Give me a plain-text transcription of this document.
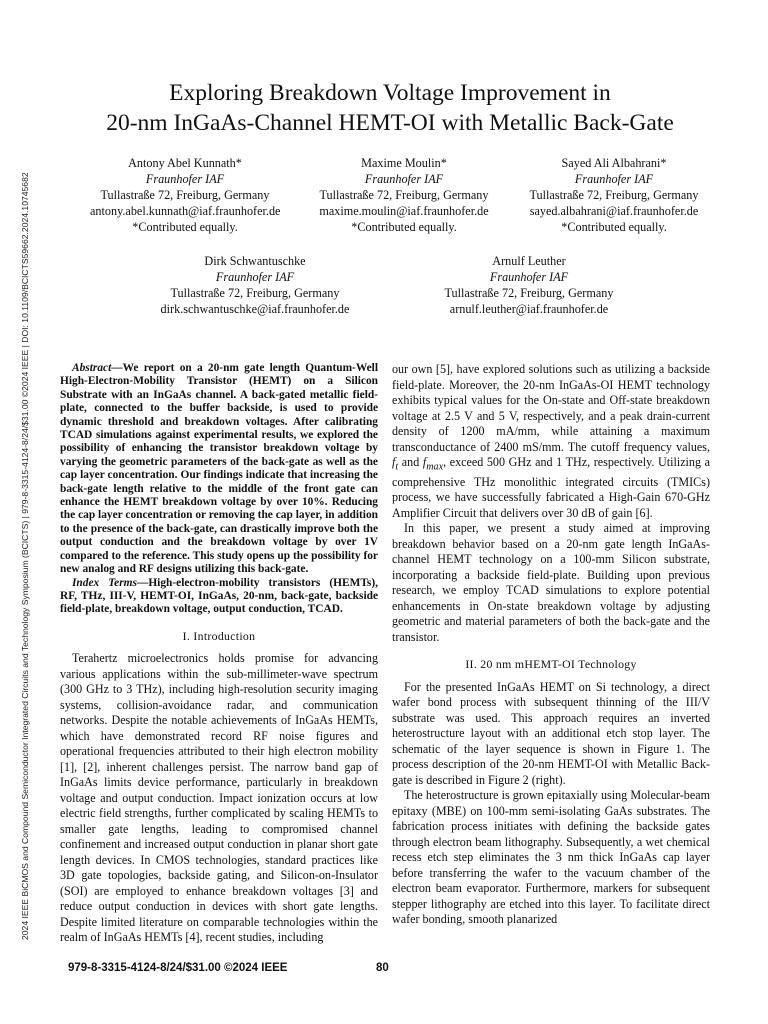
2024 IEEE BiCMOS and Compound Semiconductor Integrated Circuits and Technology Symposium (BCICTS) | 979-8-3315-4124-8/24/$31.00 ©2024 IEEE | DOI: 10.1109/BCICTS59662.2024.10745682
Exploring Breakdown Voltage Improvement in
20-nm InGaAs-Channel HEMT-OI with Metallic Back-Gate
Antony Abel Kunnath*
Fraunhofer IAF
Tullastraße 72, Freiburg, Germany
antony.abel.kunnath@iaf.fraunhofer.de
*Contributed equally.
Maxime Moulin*
Fraunhofer IAF
Tullastraße 72, Freiburg, Germany
maxime.moulin@iaf.fraunhofer.de
*Contributed equally.
Sayed Ali Albahrani*
Fraunhofer IAF
Tullastraße 72, Freiburg, Germany
sayed.albahrani@iaf.fraunhofer.de
*Contributed equally.
Dirk Schwantuschke
Fraunhofer IAF
Tullastraße 72, Freiburg, Germany
dirk.schwantuschke@iaf.fraunhofer.de
Arnulf Leuther
Fraunhofer IAF
Tullastraße 72, Freiburg, Germany
arnulf.leuther@iaf.fraunhofer.de

Abstract—We report on a 20-nm gate length Quantum-Well High-Electron-Mobility Transistor (HEMT) on a Silicon Substrate with an InGaAs channel. A back-gated metallic field-plate, connected to the buffer backside, is used to provide dynamic threshold and breakdown voltages. After calibrating TCAD simulations against experimental results, we explored the possibility of enhancing the transistor breakdown voltage by varying the geometric parameters of the back-gate as well as the cap layer concentration. Our findings indicate that increasing the back-gate length relative to the middle of the front gate can enhance the HEMT breakdown voltage by over 10%. Reducing the cap layer concentration or removing the cap layer, in addition to the presence of the back-gate, can drastically improve both the output conduction and the breakdown voltage by over 1V compared to the reference. This study opens up the possibility for new analog and RF designs utilizing this back-gate.

Index Terms—High-electron-mobility transistors (HEMTs), RF, THz, III-V, HEMT-OI, InGaAs, 20-nm, back-gate, backside field-plate, breakdown voltage, output conduction, TCAD.

I. Introduction

Terahertz microelectronics holds promise for advancing various applications within the sub-millimeter-wave spectrum (300 GHz to 3 THz), including high-resolution security imaging systems, collision-avoidance radar, and communication networks. Despite the notable achievements of InGaAs HEMTs, which have demonstrated record RF noise figures and operational frequencies attributed to their high electron mobility [1], [2], inherent challenges persist. The narrow band gap of InGaAs limits device performance, particularly in breakdown voltage and output conduction. Impact ionization occurs at low electric field strengths, further complicated by scaling HEMTs to smaller gate lengths, leading to compromised channel confinement and increased output conduction in planar short gate length devices. In CMOS technologies, standard practices like 3D gate topologies, backside gating, and Silicon-on-Insulator (SOI) are employed to enhance breakdown voltages [3] and reduce output conduction in devices with short gate lengths. Despite limited literature on comparable technologies within the realm of InGaAs HEMTs [4], recent studies, including

our own [5], have explored solutions such as utilizing a backside field-plate. Moreover, the 20-nm InGaAs-OI HEMT technology exhibits typical values for the On-state and Off-state breakdown voltage at 2.5 V and 5 V, respectively, and a peak drain-current density of 1200 mA/mm, while attaining a maximum transconductance of 2400 mS/mm. The cutoff frequency values, $f_t$ and $f_{max}$, exceed 500 GHz and 1 THz, respectively. Utilizing a comprehensive THz monolithic integrated circuits (TMICs) process, we have successfully fabricated a High-Gain 670-GHz Amplifier Circuit that delivers over 30 dB of gain [6].

In this paper, we present a study aimed at improving breakdown behavior based on a 20-nm gate length InGaAs-channel HEMT technology on a 100-mm Silicon substrate, incorporating a backside field-plate. Building upon previous research, we employ TCAD simulations to explore potential enhancements in On-state breakdown voltage by adjusting geometric and material parameters of both the back-gate and the transistor.

II. 20 nm mHEMT-OI Technology

For the presented InGaAs HEMT on Si technology, a direct wafer bond process with subsequent thinning of the III/V substrate was used. This approach requires an inverted heterostructure layout with an additional etch stop layer. The schematic of the layer sequence is shown in Figure 1. The process description of the 20-nm HEMT-OI with Metallic Back-gate is described in Figure 2 (right).

The heterostructure is grown epitaxially using Molecular-beam epitaxy (MBE) on 100-mm semi-isolating GaAs substrates. The fabrication process initiates with defining the backside gates through electron beam lithography. Subsequently, a wet chemical recess etch step eliminates the 3 nm thick InGaAs cap layer before transferring the wafer to the vacuum chamber of the electron beam evaporator. Furthermore, markers for subsequent stepper lithography are etched into this layer. To facilitate direct wafer bonding, smooth planarized

979-8-3315-4124-8/24/$31.00 ©2024 IEEE	80
